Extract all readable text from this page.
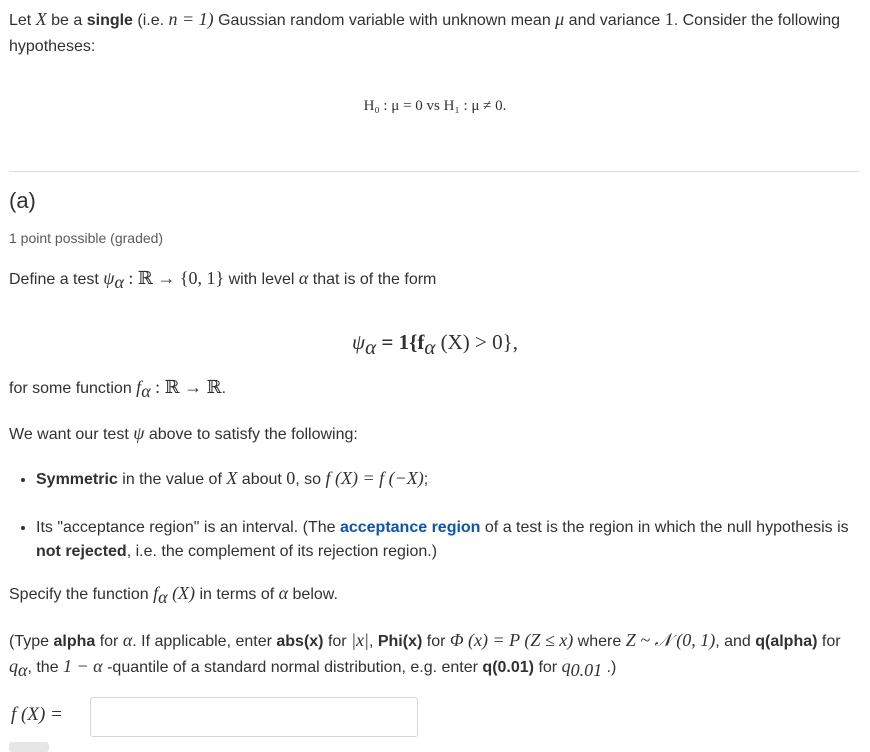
Let X be a single (i.e. n = 1) Gaussian random variable with unknown mean μ and variance 1. Consider the following hypotheses:
H₀ : μ = 0 vs H₁ : μ ≠ 0.
(a)
1 point possible (graded)
Define a test $\psi_\alpha$ : ℝ → {0, 1} with level α that is of the form
$\psi_\alpha = 1\{f_\alpha$ (X) > 0},
for some function $f_\alpha$ : ℝ → ℝ.
We want our test ψ above to satisfy the following:
• Symmetric in the value of X about 0, so f (X) = f (−X);
• Its "acceptance region" is an interval. (The acceptance region of a test is the region in which the null hypothesis is not rejected, i.e. the complement of its rejection region.)
Specify the function $f_\alpha$ (X) in terms of α below.
(Type alpha for α. If applicable, enter abs(x) for |x|, Phi(x) for Φ (x) = P (Z ≤ x) where Z ~ 𝒩 (0, 1), and q(alpha) for $q_\alpha$, the 1 − α -quantile of a standard normal distribution, e.g. enter q(0.01) for $q_{0.01}$ .)
f (X) =
